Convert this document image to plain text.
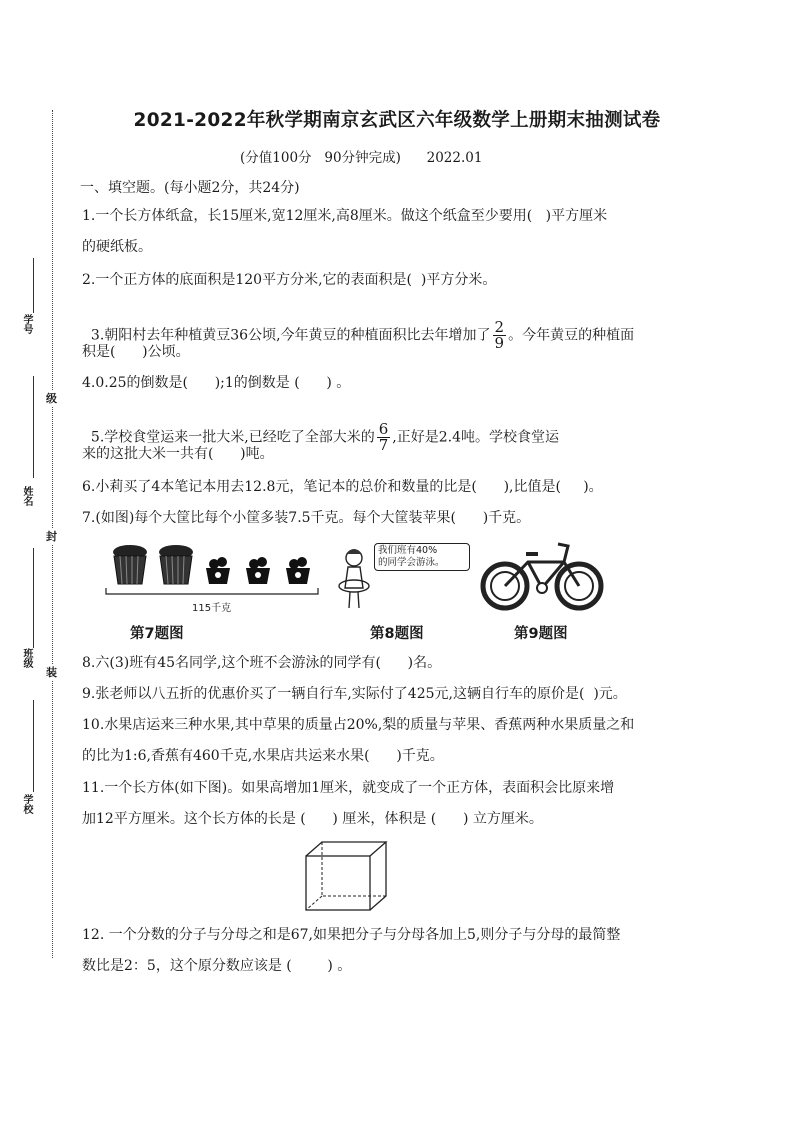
学号
姓名
班级
学校
级
封
装
2021-2022年秋学期南京玄武区六年级数学上册期末抽测试卷
(分值100分   90分钟完成)      2022.01
一、填空题。(每小题2分，共24分)
1.一个长方体纸盒，长15厘米,宽12厘米,高8厘米。做这个纸盒至少要用(   )平方厘米
的硬纸板。
2.一个正方体的底面积是120平方分米,它的表面积是(  )平方分米。

3.朝阳村去年种植黄豆36公顷,今年黄豆的种植面积比去年增加了 $\frac{2}{9}$ 。今年黄豆的种植面

积是(      )公顷。
4.0.25的倒数是(      );1的倒数是 (      ) 。

5.学校食堂运来一批大米,已经吃了全部大米的 $\frac{6}{7}$ ,正好是2.4吨。学校食堂运

来的这批大米一共有(      )吨。
6.小莉买了4本笔记本用去12.8元，笔记本的总价和数量的比是(      ),比值是(     )。
7.(如图)每个大筐比每个小筐多装7.5千克。每个大筐装苹果(      )千克。
115千克
我们班有40%
的同学会游泳。
第7题图	第8题图	第9题图
8.六(3)班有45名同学,这个班不会游泳的同学有(      )名。
9.张老师以八五折的优惠价买了一辆自行车,实际付了425元,这辆自行车的原价是(  )元。
10.水果店运来三种水果,其中草果的质量占20%,梨的质量与苹果、香蕉两种水果质量之和
的比为1:6,香蕉有460千克,水果店共运来水果(      )千克。
11.一个长方体(如下图)。如果高增加1厘米，就变成了一个正方体，表面积会比原来增
加12平方厘米。这个长方体的长是 (      ) 厘米，体积是 (      ) 立方厘米。
12. 一个分数的分子与分母之和是67,如果把分子与分母各加上5,则分子与分母的最简整
数比是2：5，这个原分数应该是 (        ) 。
